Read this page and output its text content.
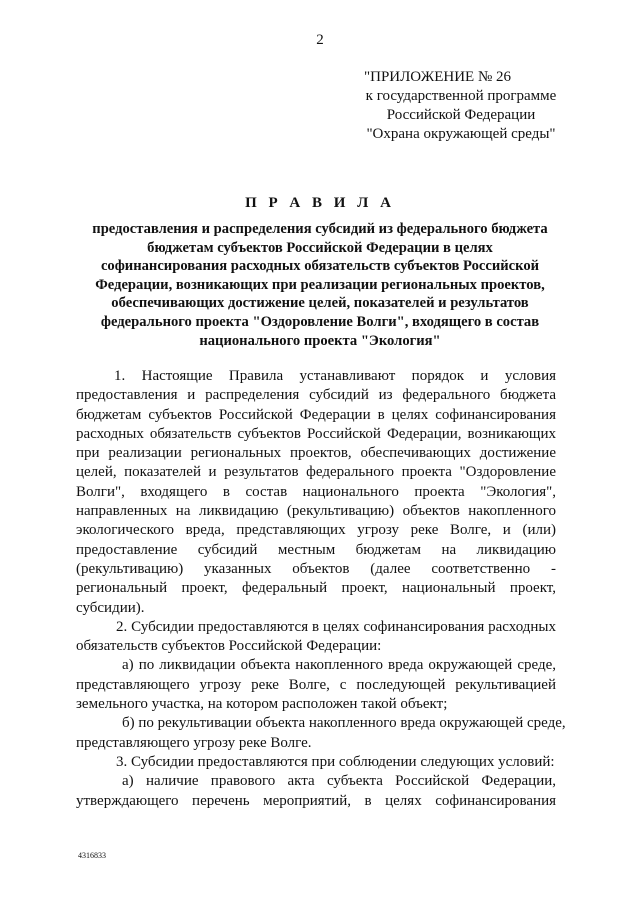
2
"ПРИЛОЖЕНИЕ № 26
к государственной программе
Российской Федерации
"Охрана окружающей среды"
П Р А В И Л А
предоставления и распределения субсидий из федерального бюджета
бюджетам субъектов Российской Федерации в целях
софинансирования расходных обязательств субъектов Российской
Федерации, возникающих при реализации региональных проектов,
обеспечивающих достижение целей, показателей и результатов
федерального проекта "Оздоровление Волги", входящего в состав
национального проекта "Экология"
1. Настоящие Правила устанавливают порядок и условия
предоставления и распределения субсидий из федерального бюджета
бюджетам субъектов Российской Федерации в целях софинансирования
расходных обязательств субъектов Российской Федерации, возникающих
при реализации региональных проектов, обеспечивающих достижение
целей, показателей и результатов федерального проекта "Оздоровление
Волги", входящего в состав национального проекта "Экология",
направленных на ликвидацию (рекультивацию) объектов накопленного
экологического вреда, представляющих угрозу реке Волге, и (или)
предоставление субсидий местным бюджетам на ликвидацию
(рекультивацию) указанных объектов (далее соответственно -
региональный проект, федеральный проект, национальный проект,
субсидии).
2. Субсидии предоставляются в целях софинансирования расходных
обязательств субъектов Российской Федерации:
а) по ликвидации объекта накопленного вреда окружающей среде,
представляющего угрозу реке Волге, с последующей рекультивацией
земельного участка, на котором расположен такой объект;
б) по рекультивации объекта накопленного вреда окружающей среде,
представляющего угрозу реке Волге.
3. Субсидии предоставляются при соблюдении следующих условий:
а) наличие правового акта субъекта Российской Федерации,
утверждающего перечень мероприятий, в целях софинансирования
4316833
